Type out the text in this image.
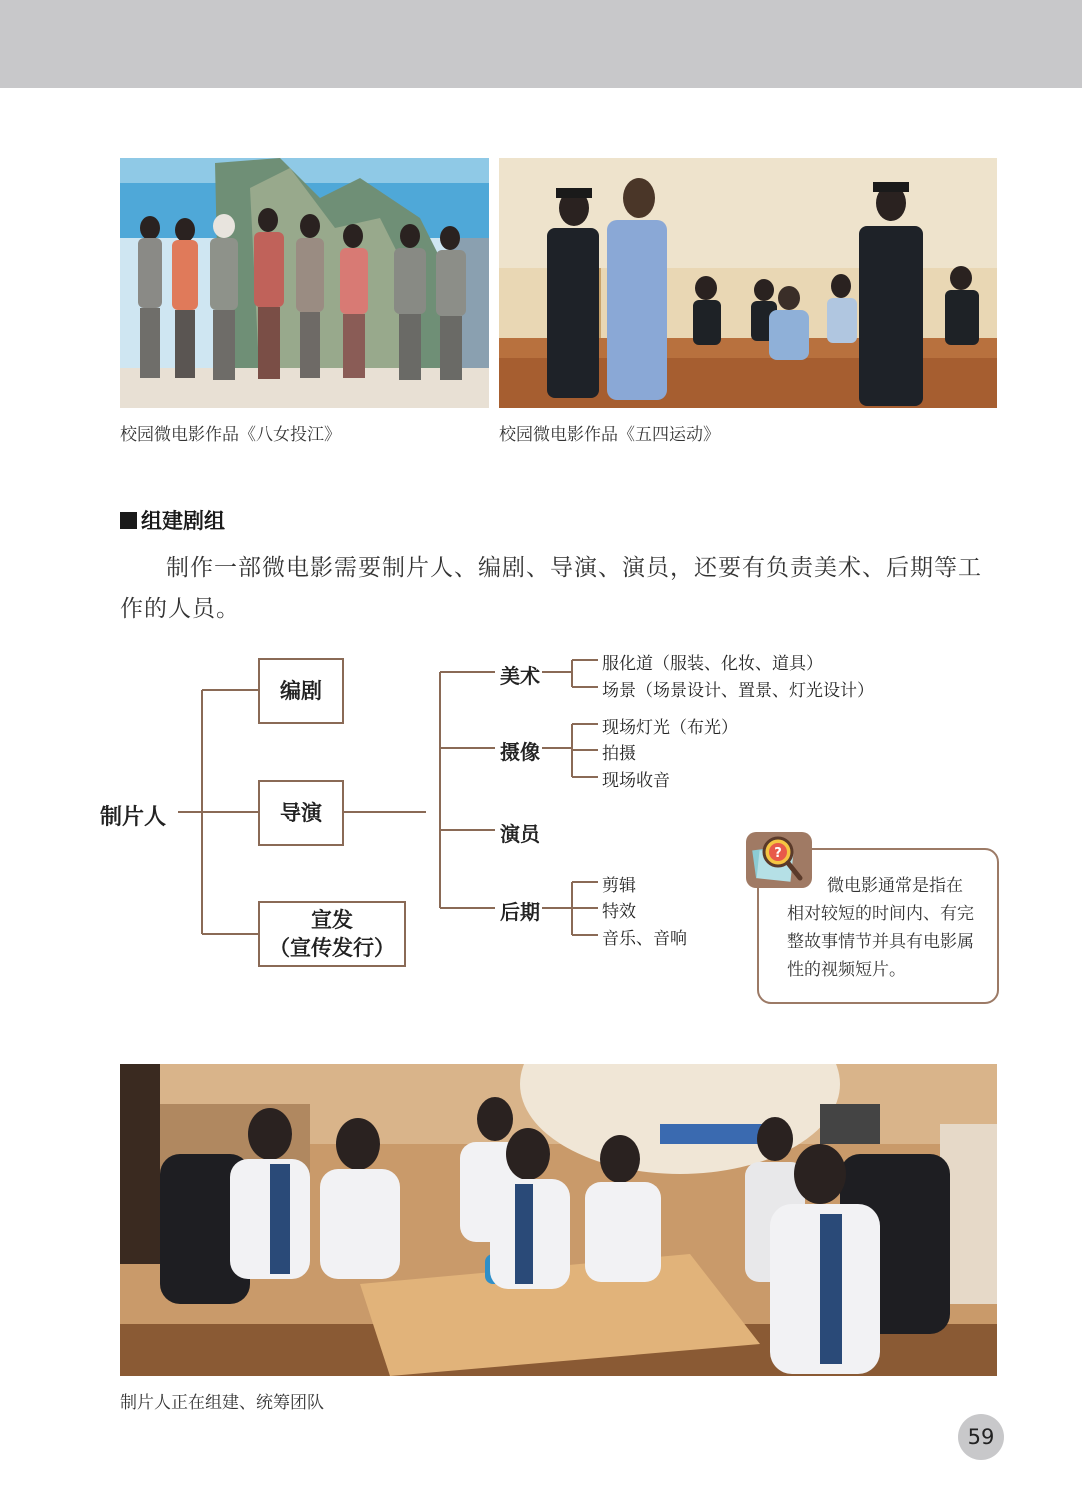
校园微电影作品《八女投江》	校园微电影作品《五四运动》
组建剧组
制作一部微电影需要制片人、编剧、导演、演员，还要有负责美术、后期等工作的人员。
制片人
编剧
导演
宣发
（宣传发行）
美术
摄像
演员
后期
服化道（服装、化妆、道具）
场景（场景设计、置景、灯光设计）
现场灯光（布光）
拍摄
现场收音
剪辑
特效
音乐、音响
微电影通常是指在相对较短的时间内、有完整故事情节并具有电影属性的视频短片。
?
制片人正在组建、统筹团队
59
